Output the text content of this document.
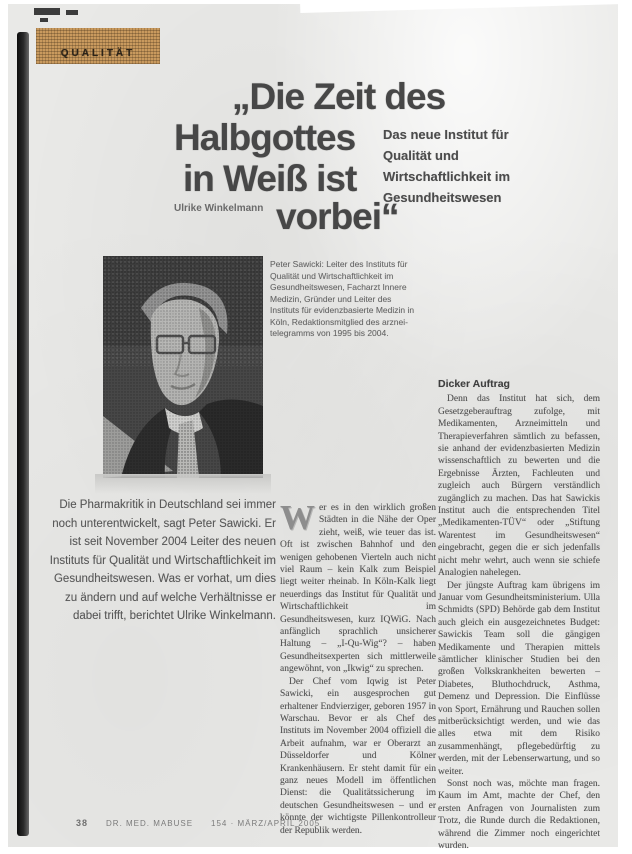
QUALITÄT
„Die Zeit des
Halbgottes
in Weiß ist
vorbei“
Das neue Institut für Qualität und Wirtschaftlichkeit im Gesundheitswesen
Ulrike Winkelmann
Peter Sawicki: Leiter des Instituts für Qualität und Wirtschaftlichkeit im Gesundheitswesen, Facharzt Innere Medizin, Gründer und Leiter des Instituts für evidenzbasierte Medizin in Köln, Redaktionsmitglied des arznei-telegramms von 1995 bis 2004.
Die Pharmakritik in Deutschland sei immer noch unterentwickelt, sagt Peter Sawicki. Er ist seit November 2004 Leiter des neuen Instituts für Qualität und Wirtschaftlichkeit im Gesundheitswesen. Was er vorhat, um dies zu ändern und auf welche Verhältnisse er dabei trifft, berichtet Ulrike Winkelmann.

Wer es in den wirklich großen Städten in die Nähe der Oper zieht, weiß, wie teuer das ist. Oft ist zwischen Bahnhof und den wenigen gehobenen Vierteln auch nicht viel Raum – kein Kalk zum Beispiel liegt weiter rheinab. In Köln-Kalk liegt neuerdings das Institut für Qualität und Wirtschaftlichkeit im Gesundheitswesen, kurz IQWiG. Nach anfänglich sprachlich unsicherer Haltung – „I-Qu-Wig“? – haben Gesundheitsexperten sich mittlerweile angewöhnt, von „Ikwig“ zu sprechen.

Der Chef vom Iqwig ist Peter Sawicki, ein ausgesprochen gut erhaltener Endvierziger, geboren 1957 in Warschau. Bevor er als Chef des Instituts im November 2004 offiziell die Arbeit aufnahm, war er Oberarzt an Düsseldorfer und Kölner Krankenhäusern. Er steht damit für ein ganz neues Modell im öffentlichen Dienst: die Qualitätssicherung im deutschen Gesundheitswesen – und er könnte der wichtigste Pillenkontrolleur der Republik werden.

Dicker Auftrag

Denn das Institut hat sich, dem Gesetzgeberauftrag zufolge, mit Medikamenten, Arzneimitteln und Therapieverfahren sämtlich zu befassen, sie anhand der evidenzbasierten Medizin wissenschaftlich zu bewerten und die Ergebnisse Ärzten, Fachleuten und zugleich auch Bürgern verständlich zugänglich zu machen. Das hat Sawickis Institut auch die entsprechenden Titel „Medikamenten-TÜV“ oder „Stiftung Warentest im Gesundheitswesen“ eingebracht, gegen die er sich jedenfalls nicht mehr wehrt, auch wenn sie schiefe Analogien nahelegen.

Der jüngste Auftrag kam übrigens im Januar vom Gesundheitsministerium. Ulla Schmidts (SPD) Behörde gab dem Institut auch gleich ein ausgezeichnetes Budget: Sawickis Team soll die gängigen Medikamente und Therapien mittels sämtlicher klinischer Studien bei den großen Volkskrankheiten bewerten – Diabetes, Bluthochdruck, Asthma, Demenz und Depression. Die Einflüsse von Sport, Ernährung und Rauchen sollen mitberücksichtigt werden, und wie das alles etwa mit dem Risiko zusammenhängt, pflegebedürftig zu werden, mit der Lebenserwartung, und so weiter.

Sonst noch was, möchte man fragen. Kaum im Amt, machte der Chef, den ersten Anfragen von Journalisten zum Trotz, die Runde durch die Redaktionen, während die Zimmer noch eingerichtet wurden.

38 DR. MED. MABUSE 154 · MÄRZ/APRIL 2005
